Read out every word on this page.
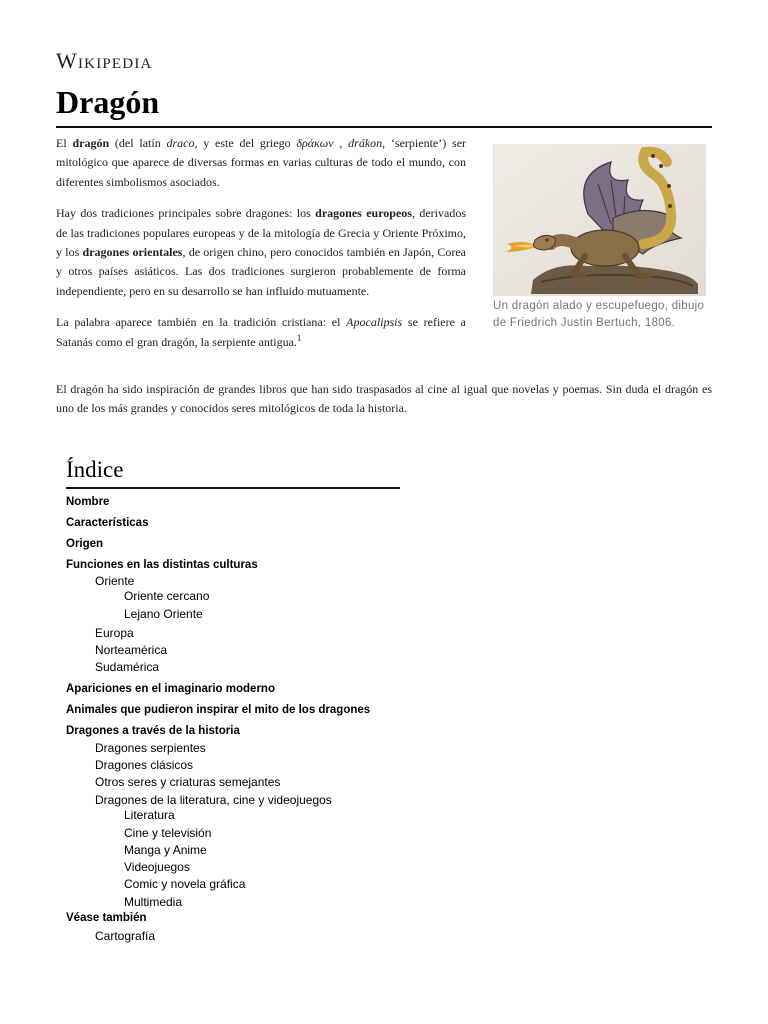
Wikipedia
Dragón

El dragón (del latín draco, y este del griego δράκων , drákon, ‘serpiente’) ser mitológico que aparece de diversas formas en varias culturas de todo el mundo, con diferentes simbolismos asociados.

Hay dos tradiciones principales sobre dragones: los dragones europeos, derivados de las tradiciones populares europeas y de la mitología de Grecia y Oriente Próximo, y los dragones orientales, de origen chino, pero conocidos también en Japón, Corea y otros países asiáticos. Las dos tradiciones surgieron probablemente de forma independiente, pero en su desarrollo se han influido mutuamente.

La palabra aparece también en la tradición cristiana: el Apocalipsis se refiere a Satanás como el gran dragón, la serpiente antigua.$^1$

El dragón ha sido inspiración de grandes libros que han sido traspasados al cine al igual que novelas y poemas. Sin duda el dragón es uno de los más grandes y conocidos seres mitológicos de toda la historia.

Un dragón alado y escupefuego, dibujo de Friedrich Justin Bertuch, 1806.
Índice
Nombre
Características
Origen
Funciones en las distintas culturas
Oriente
Oriente cercano
Lejano Oriente
Europa
Norteamérica
Sudamérica
Apariciones en el imaginario moderno
Animales que pudieron inspirar el mito de los dragones
Dragones a través de la historia
Dragones serpientes
Dragones clásicos
Otros seres y criaturas semejantes
Dragones de la literatura, cine y videojuegos
Literatura
Cine y televisión
Manga y Anime
Videojuegos
Comic y novela gráfica
Multimedia
Véase también
Cartografía
